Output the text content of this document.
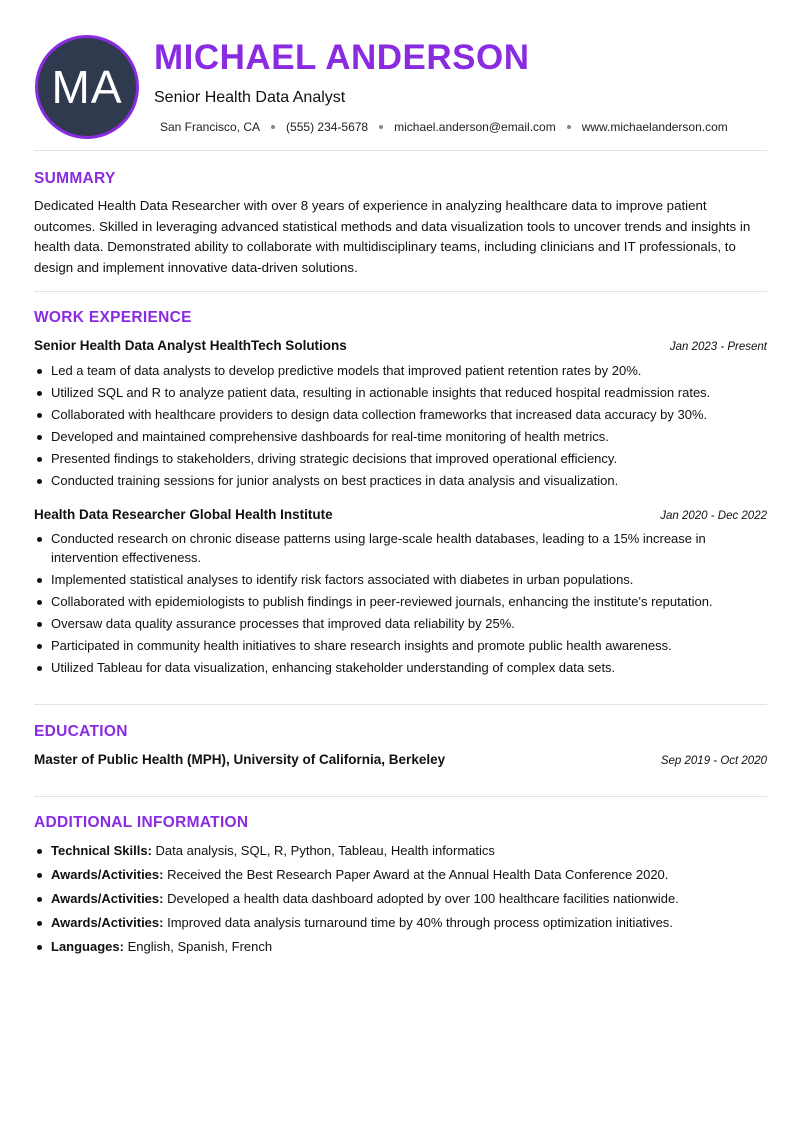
MA
MICHAEL ANDERSON
Senior Health Data Analyst
San Francisco, CA (555) 234-5678 michael.anderson@email.com www.michaelanderson.com
SUMMARY

Dedicated Health Data Researcher with over 8 years of experience in analyzing healthcare data to improve patient outcomes. Skilled in leveraging advanced statistical methods and data visualization tools to uncover trends and insights in health data. Demonstrated ability to collaborate with multidisciplinary teams, including clinicians and IT professionals, to design and implement innovative data-driven solutions.

WORK EXPERIENCE
Senior Health Data Analyst HealthTech Solutions	Jan 2023 - Present
Led a team of data analysts to develop predictive models that improved patient retention rates by 20%.
Utilized SQL and R to analyze patient data, resulting in actionable insights that reduced hospital readmission rates.
Collaborated with healthcare providers to design data collection frameworks that increased data accuracy by 30%.
Developed and maintained comprehensive dashboards for real-time monitoring of health metrics.
Presented findings to stakeholders, driving strategic decisions that improved operational efficiency.
Conducted training sessions for junior analysts on best practices in data analysis and visualization.
Health Data Researcher Global Health Institute	Jan 2020 - Dec 2022
Conducted research on chronic disease patterns using large-scale health databases, leading to a 15% increase in intervention effectiveness.
Implemented statistical analyses to identify risk factors associated with diabetes in urban populations.
Collaborated with epidemiologists to publish findings in peer-reviewed journals, enhancing the institute's reputation.
Oversaw data quality assurance processes that improved data reliability by 25%.
Participated in community health initiatives to share research insights and promote public health awareness.
Utilized Tableau for data visualization, enhancing stakeholder understanding of complex data sets.
EDUCATION
Master of Public Health (MPH), University of California, Berkeley	Sep 2019 - Oct 2020
ADDITIONAL INFORMATION
Technical Skills: Data analysis, SQL, R, Python, Tableau, Health informatics
Awards/Activities: Received the Best Research Paper Award at the Annual Health Data Conference 2020.
Awards/Activities: Developed a health data dashboard adopted by over 100 healthcare facilities nationwide.
Awards/Activities: Improved data analysis turnaround time by 40% through process optimization initiatives.
Languages: English, Spanish, French
